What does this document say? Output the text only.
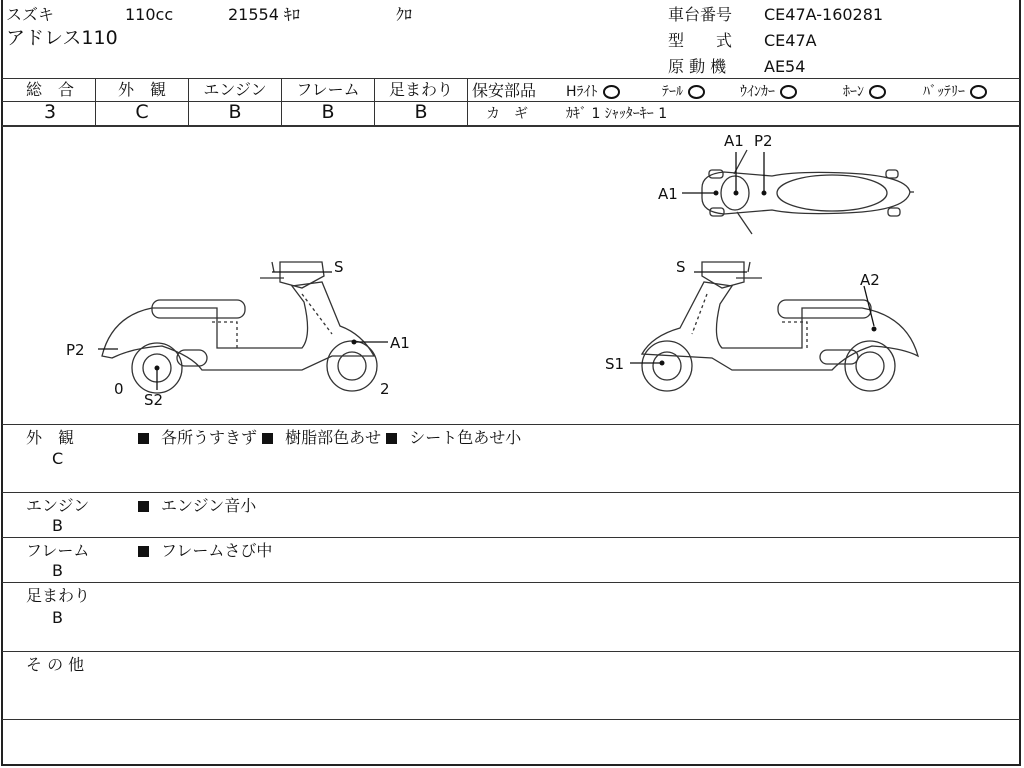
スズキ	110cc	21554 ｷﾛ	ｸﾛ
アドレス110
車台番号 CE47A-160281
型　　式 CE47A
原 動 機 AE54
総　合
3
外　観
C
エンジン
B
フレーム
B
足まわり
B
保安部品 Hﾗｲﾄ	ﾃｰﾙ	ｳｲﾝｶｰ	ﾎｰﾝ	ﾊﾞｯﾃﾘｰ
カ　ギ	ｶｷﾞ 1 ｼｬｯﾀｰｷｰ 1
A1 P2
A1
S
P2	A1
0
S2
2
S
A2
S1
外　観
C
各所うすきず 樹脂部色あせ シート色あせ小
エンジン
B
エンジン音小
フレーム
B
フレームさび中
足まわり
B
そ の 他
